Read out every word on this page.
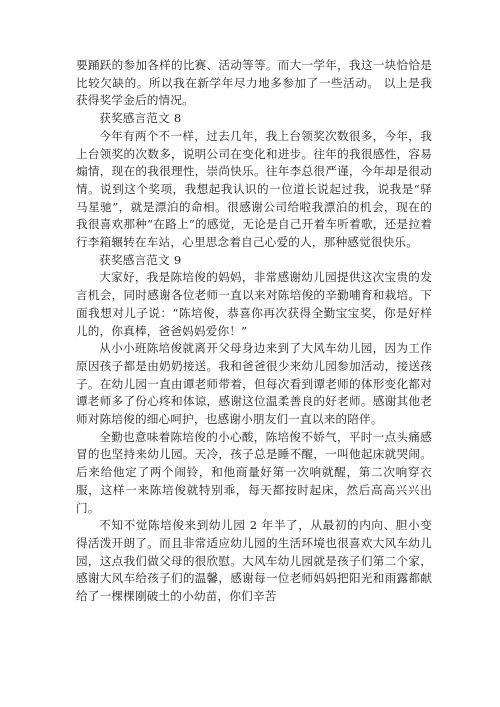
要踊跃的参加各样的比赛、活动等等。而大一学年，我这一块恰恰是比较欠缺的。所以我在新学年尽力地多参加了一些活动。 以上是我获得奖学金后的情况。

获奖感言范文 8

今年有两个不一样，过去几年，我上台领奖次数很多，今年，我上台领奖的次数多，说明公司在变化和进步。往年的我很感性，容易煽情，现在的我很理性，崇尚快乐。往年李总很严谨，今年却是很动情。说到这个奖项，我想起我认识的一位道长说起过我，说我是“驿马星驰”，就是漂泊的命相。很感谢公司给啦我漂泊的机会，现在的我很喜欢那种“在路上”的感觉，无论是自己开着车听着歌，还是拉着行李箱辗转在车站，心里思念着自己心爱的人，那种感觉很快乐。

获奖感言范文 9

大家好，我是陈培俊的妈妈，非常感谢幼儿园提供这次宝贵的发言机会，同时感谢各位老师一直以来对陈培俊的辛勤哺育和栽培。下面我想对儿子说：“陈培俊，恭喜你再次获得全勤宝宝奖，你是好样儿的，你真棒，爸爸妈妈爱你！”

从小小班陈培俊就离开父母身边来到了大风车幼儿园，因为工作原因孩子都是由奶奶接送。我和爸爸很少来幼儿园参加活动，接送孩子。在幼儿园一直由谭老师带着，但每次看到谭老师的体形变化都对谭老师多了份心疼和体谅，感谢这位温柔善良的好老师。感谢其他老师对陈培俊的细心呵护，也感谢小朋友们一直以来的陪伴。

全勤也意味着陈培俊的小心酸，陈培俊不娇气，平时一点头痛感冒的也坚持来幼儿园。天冷，孩子总是睡不醒，一叫他起床就哭闹。后来给他定了两个闹铃，和他商量好第一次响就醒，第二次响穿衣服，这样一来陈培俊就特别乖，每天都按时起床，然后高高兴兴出门。

不知不觉陈培俊来到幼儿园 2 年半了，从最初的内向、胆小变得活泼开朗了。而且非常适应幼儿园的生活环境也很喜欢大风车幼儿园，这点我们做父母的很欣慰。大风车幼儿园就是孩子们第二个家，感谢大风车给孩子们的温馨，感谢每一位老师妈妈把阳光和雨露都献给了一棵棵刚破土的小幼苗，你们辛苦
